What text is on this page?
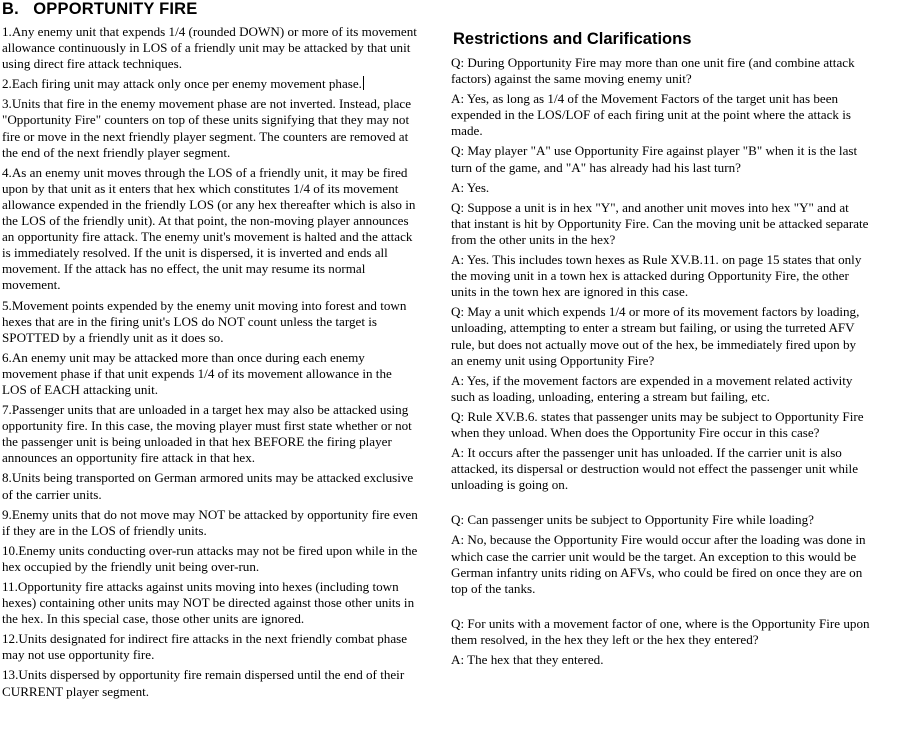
B.   OPPORTUNITY FIRE

1.Any enemy unit that expends 1/4 (rounded DOWN) or more of its movement allowance continuously in LOS of a friendly unit may be attacked by that unit using direct fire attack techniques.

2.Each firing unit may attack only once per enemy movement phase.

3.Units that fire in the enemy movement phase are not inverted. Instead, place "Opportunity Fire" counters on top of these units signifying that they may not fire or move in the next friendly player segment. The counters are removed at the end of the next friendly player segment.

4.As an enemy unit moves through the LOS of a friendly unit, it may be fired upon by that unit as it enters that hex which constitutes 1/4 of its movement allowance expended in the friendly LOS (or any hex thereafter which is also in the LOS of the friendly unit). At that point, the non-moving player announces an opportunity fire attack. The enemy unit's movement is halted and the attack is immediately resolved. If the unit is dispersed, it is inverted and ends all movement. If the attack has no effect, the unit may resume its normal movement.

5.Movement points expended by the enemy unit moving into forest and town hexes that are in the firing unit's LOS do NOT count unless the target is SPOTTED by a friendly unit as it does so.

6.An enemy unit may be attacked more than once during each enemy movement phase if that unit expends 1/4 of its movement allowance in the LOS of EACH attacking unit.

7.Passenger units that are unloaded in a target hex may also be attacked using opportunity fire. In this case, the moving player must first state whether or not the passenger unit is being unloaded in that hex BEFORE the firing player announces an opportunity fire attack in that hex.

8.Units being transported on German armored units may be attacked exclusive of the carrier units.

9.Enemy units that do not move may NOT be attacked by opportunity fire even if they are in the LOS of friendly units.

10.Enemy units conducting over-run attacks may not be fired upon while in the hex occupied by the friendly unit being over-run.

11.Opportunity fire attacks against units moving into hexes (including town hexes) containing other units may NOT be directed against those other units in the hex. In this special case, those other units are ignored.

12.Units designated for indirect fire attacks in the next friendly combat phase may not use opportunity fire.

13.Units dispersed by opportunity fire remain dispersed until the end of their CURRENT player segment.

Restrictions and Clarifications

Q: During Opportunity Fire may more than one unit fire (and combine attack factors) against the same moving enemy unit?

A: Yes, as long as 1/4 of the Movement Factors of the target unit has been expended in the LOS/LOF of each firing unit at the point where the attack is made.

Q: May player "A" use Opportunity Fire against player "B" when it is the last turn of the game, and "A" has already had his last turn?

A: Yes.

Q: Suppose a unit is in hex "Y", and another unit moves into hex "Y" and at that instant is hit by Opportunity Fire. Can the moving unit be attacked separate from the other units in the hex?

A: Yes. This includes town hexes as Rule XV.B.11. on page 15 states that only the moving unit in a town hex is attacked during Opportunity Fire, the other units in the town hex are ignored in this case.

Q: May a unit which expends 1/4 or more of its movement factors by loading, unloading, attempting to enter a stream but failing, or using the turreted AFV rule, but does not actually move out of the hex, be immediately fired upon by an enemy unit using Opportunity Fire?

A: Yes, if the movement factors are expended in a movement related activity such as loading, unloading, entering a stream but failing, etc.

Q: Rule XV.B.6. states that passenger units may be subject to Opportunity Fire when they unload. When does the Opportunity Fire occur in this case?

A: It occurs after the passenger unit has unloaded. If the carrier unit is also attacked, its dispersal or destruction would not effect the passenger unit while unloading is going on.

Q: Can passenger units be subject to Opportunity Fire while loading?

A: No, because the Opportunity Fire would occur after the loading was done in which case the carrier unit would be the target. An exception to this would be German infantry units riding on AFVs, who could be fired on once they are on top of the tanks.

Q: For units with a movement factor of one, where is the Opportunity Fire upon them resolved, in the hex they left or the hex they entered?

A: The hex that they entered.
